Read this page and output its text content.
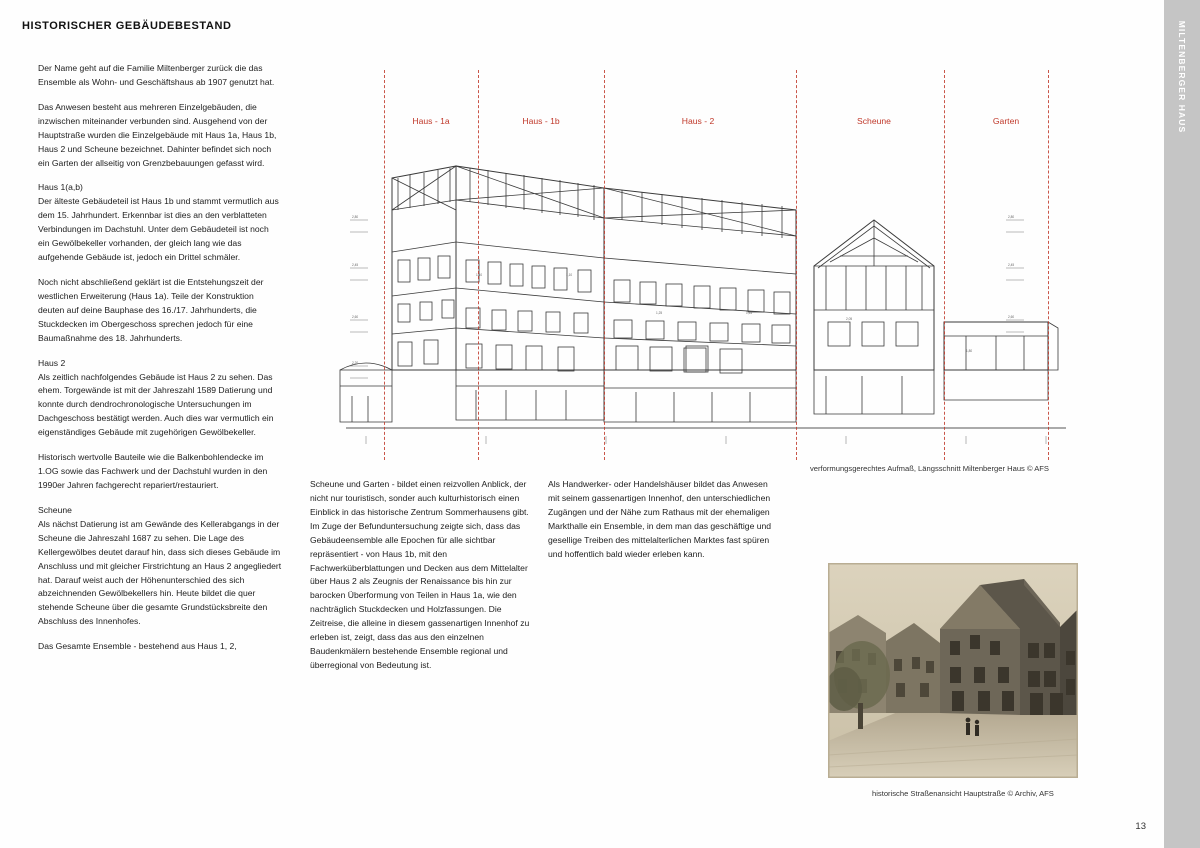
HISTORISCHER GEBÄUDEBESTAND	MILTENBERGER HAUS
13

Der Name geht auf die Familie Miltenberger zurück die das Ensemble als Wohn- und Geschäftshaus ab 1907 genutzt hat.

Das Anwesen besteht aus mehreren Einzelgebäuden, die inzwischen miteinander verbunden sind. Ausgehend von der Hauptstraße wurden die Einzelgebäude mit Haus 1a, Haus 1b, Haus 2 und Scheune bezeichnet. Dahinter befindet sich noch ein Garten der allseitig von Grenzbebauungen gefasst wird.

Haus 1(a,b)

Der älteste Gebäudeteil ist Haus 1b und stammt vermutlich aus dem 15. Jahrhundert. Erkennbar ist dies an den verblatteten Verbindungen im Dachstuhl. Unter dem Gebäudeteil ist noch ein Gewölbekeller vorhanden, der gleich lang wie das aufgehende Gebäude ist, jedoch ein Drittel schmäler.

Noch nicht abschließend geklärt ist die Entstehungszeit der westlichen Erweiterung (Haus 1a). Teile der Konstruktion deuten auf deine Bauphase des 16./17. Jahrhunderts, die Stuckdecken im Obergeschoss sprechen jedoch für eine Baumaßnahme des 18. Jahrhunderts.

Haus 2

Als zeitlich nachfolgendes Gebäude ist Haus 2 zu sehen. Das ehem. Torgewände ist mit der Jahreszahl 1589 Datierung und konnte durch dendrochronologische Untersuchungen im Dachgeschoss bestätigt werden. Auch dies war vermutlich ein eigenständiges Gebäude mit zugehörigen Gewölbekeller.

Historisch wertvolle Bauteile wie die Balkenbohlendecke im 1.OG sowie das Fachwerk und der Dachstuhl wurden in den 1990er Jahren fachgerecht repariert/restauriert.

Scheune

Als nächst Datierung ist am Gewände des Kellerabgangs in der Scheune die Jahreszahl 1687 zu sehen. Die Lage des Kellergewölbes deutet darauf hin, dass sich dieses Gebäude im Anschluss und mit gleicher Firstrichtung an Haus 2 angegliedert hat. Darauf weist auch der Höhenunterschied des sich abzeichnenden Gewölbekellers hin. Heute bildet die quer stehende Scheune über die gesamte Grundstücksbreite den Abschluss des Innenhofes.

Das Gesamte Ensemble - bestehend aus Haus 1, 2,

Scheune und Garten - bildet einen reizvollen Anblick, der nicht nur touristisch, sonder auch kulturhistorisch einen Einblick in das historische Zentrum Sommerhausens gibt. Im Zuge der Befunduntersuchung zeigte sich, dass das Gebäudeensemble alle Epochen für alle sichtbar repräsentiert - von Haus 1b, mit den Fachwerküberblattungen und Decken aus dem Mittelalter über Haus 2 als Zeugnis der Renaissance bis hin zur barocken Überformung von Teilen in Haus 1a, wie den nachträglich Stuckdecken und Holzfassungen. Die Zeitreise, die alleine in diesem gassenartigen Innenhof zu erleben ist, zeigt, dass das aus den einzelnen Baudenkmälern bestehende Ensemble regional und überregional von Bedeutung ist.

Als Handwerker- oder Handelshäuser bildet das Anwesen mit seinem gassenartigen Innenhof, den unterschiedlichen Zugängen und der Nähe zum Rathaus mit der ehemaligen Markthalle ein Ensemble, in dem man das geschäftige und gesellige Treiben des mittelalterlichen Marktes fast spüren und hoffentlich bald wieder erleben kann.

2,80
2,45
2,60
2,20
2,80
2,45
2,60
1,10	1,10
1,25	1,25
2,05
1,80
Haus - 1a	Haus - 1b	Haus - 2	Scheune	Garten
verformungsgerechtes Aufmaß, Längsschnitt Miltenberger Haus © AFS
historische Straßenansicht Hauptstraße © Archiv, AFS
